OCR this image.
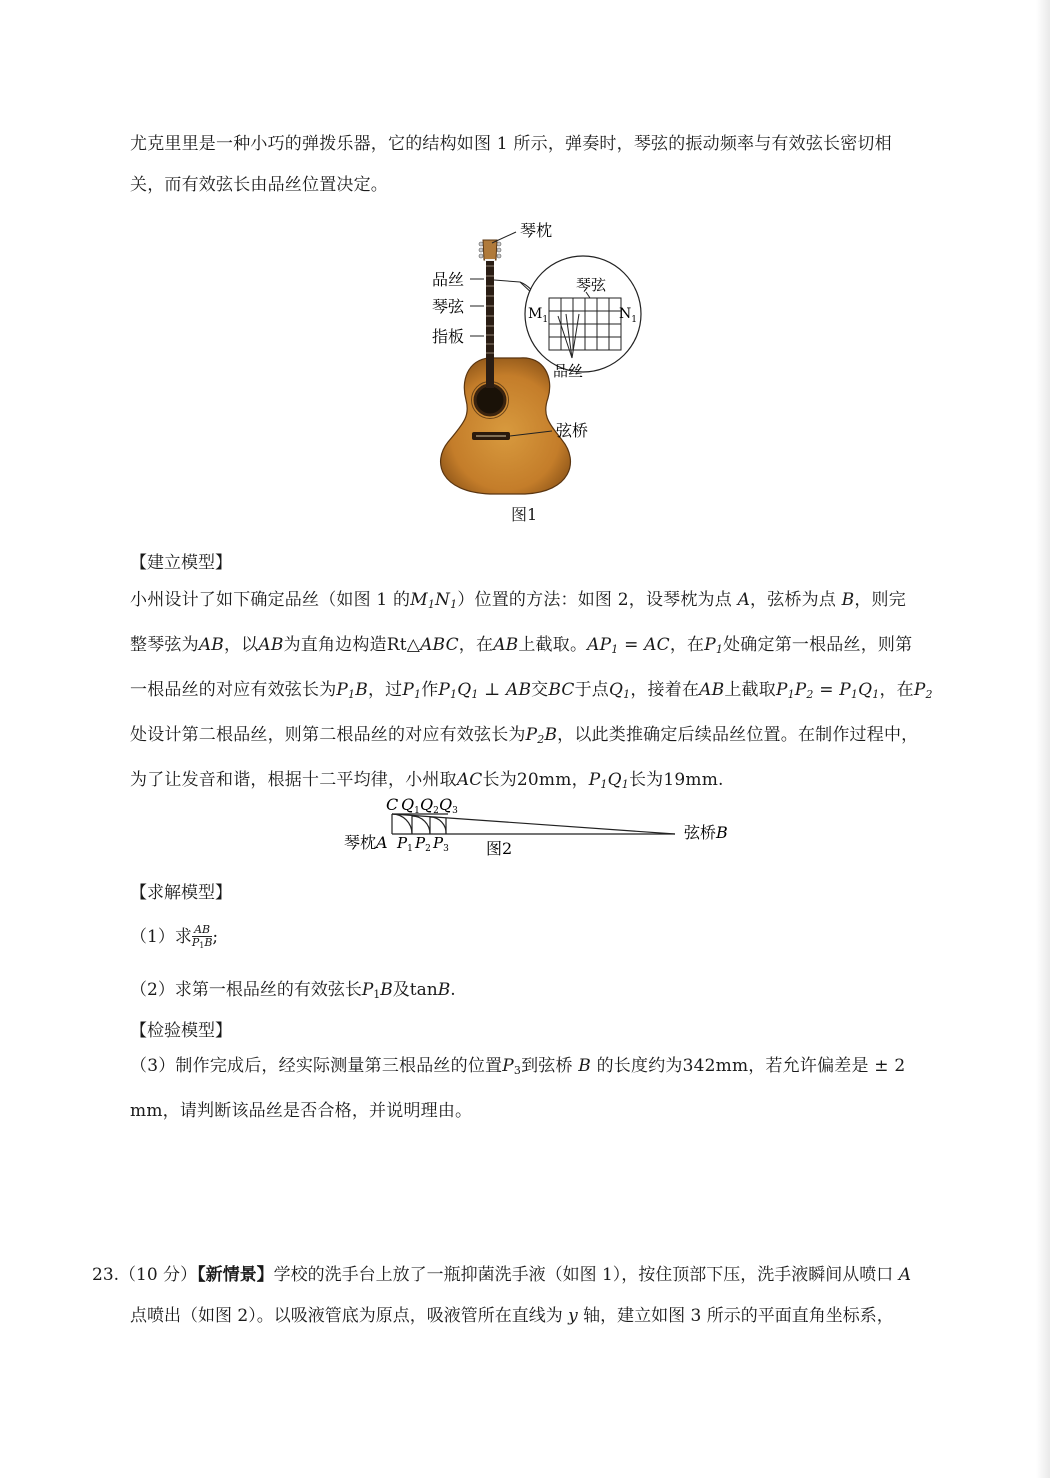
尤克里里是一种小巧的弹拨乐器，它的结构如图 1 所示，弹奏时，琴弦的振动频率与有效弦长密切相
关，而有效弦长由品丝位置决定。
琴枕
品丝
琴弦
指板
琴弦
$M_1$	$N_1$
品丝
弦桥
图1
【建立模型】
小州设计了如下确定品丝（如图 1 的$M_1N_1$）位置的方法：如图 2，设琴枕为点 A，弦桥为点 B，则完
整琴弦为AB，以AB为直角边构造Rt△ABC，在AB上截取。$AP_1$ = AC，在$P_1$处确定第一根品丝，则第
一根品丝的对应有效弦长为$P_1B$，过$P_1$作$P_1Q_1$ ⊥ AB交BC于点$Q_1$，接着在AB上截取$P_1P_2 = P_1Q_1$，在$P_2$
处设计第二根品丝，则第二根品丝的对应有效弦长为$P_2B$，以此类推确定后续品丝位置。在制作过程中，
为了让发音和谐，根据十二平均律，小州取AC长为20mm，$P_1Q_1$长为19mm.
C Q1 Q2 Q3
琴枕A $P_1$ $P_2$ $P_3$ 图2
弦桥B
【求解模型】
（1）求 $\frac{AB}{P1B}$ ;
（2）求第一根品丝的有效弦长P1B及tanB.
【检验模型】
（3）制作完成后，经实际测量第三根品丝的位置P3到弦桥 B 的长度约为342mm，若允许偏差是 ± 2
mm，请判断该品丝是否合格，并说明理由。
23.（10 分）【新情景】学校的洗手台上放了一瓶抑菌洗手液（如图 1），按住顶部下压，洗手液瞬间从喷口 A
点喷出（如图 2）。以吸液管底为原点，吸液管所在直线为 y 轴，建立如图 3 所示的平面直角坐标系，
